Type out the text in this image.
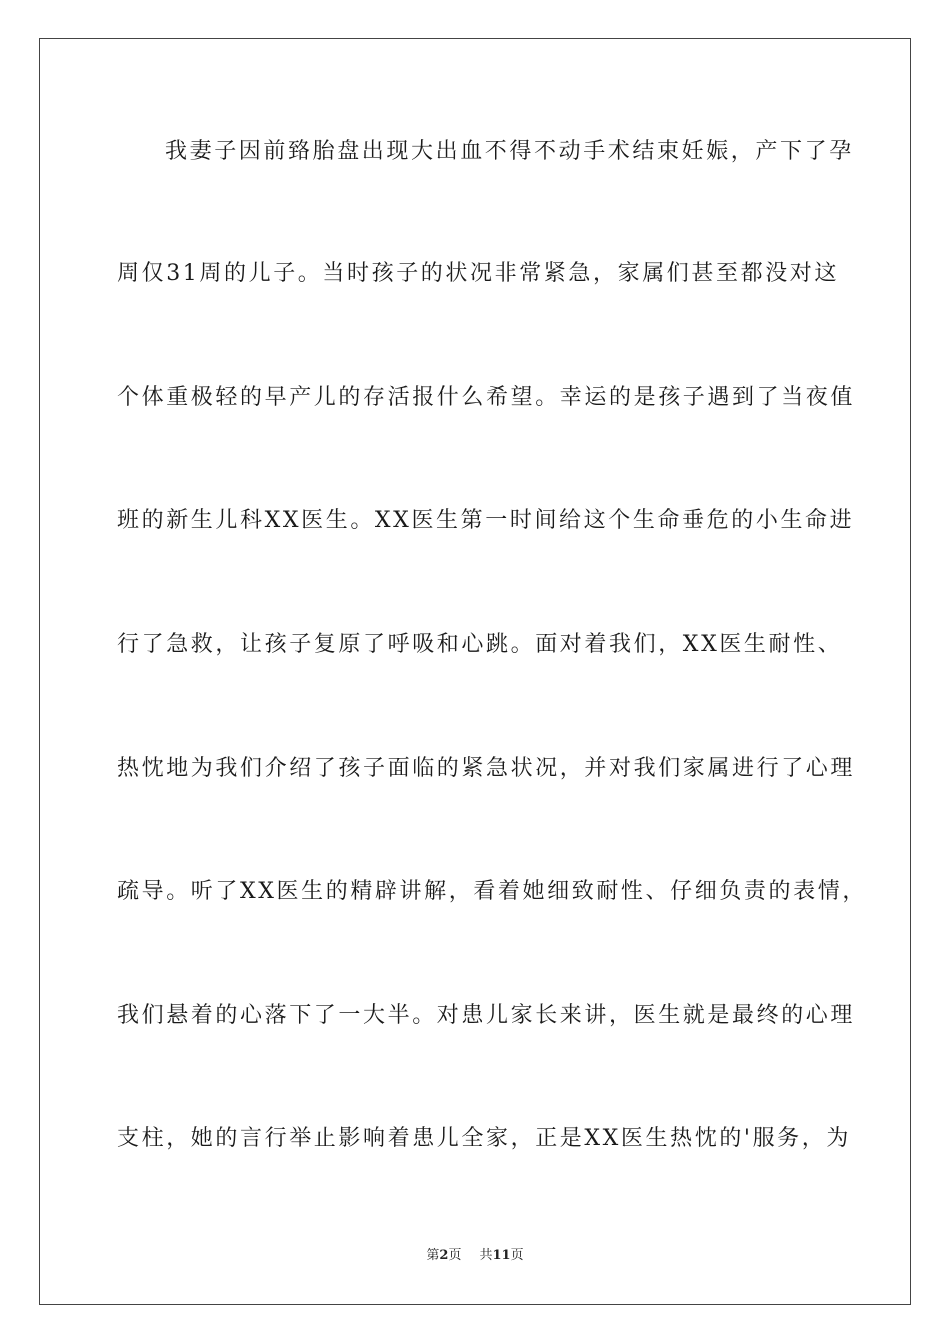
我妻子因前臵胎盘出现大出血不得不动手术结束妊娠，产下了孕
周仅31周的儿子。当时孩子的状况非常紧急，家属们甚至都没对这
个体重极轻的早产儿的存活报什么希望。幸运的是孩子遇到了当夜值
班的新生儿科XX医生。XX医生第一时间给这个生命垂危的小生命进
行了急救，让孩子复原了呼吸和心跳。面对着我们，XX医生耐性、
热忱地为我们介绍了孩子面临的紧急状况，并对我们家属进行了心理
疏导。听了XX医生的精辟讲解，看着她细致耐性、仔细负责的表情，
我们悬着的心落下了一大半。对患儿家长来讲，医生就是最终的心理
支柱，她的言行举止影响着患儿全家，正是XX医生热忱的'服务，为
第2页 共11页
